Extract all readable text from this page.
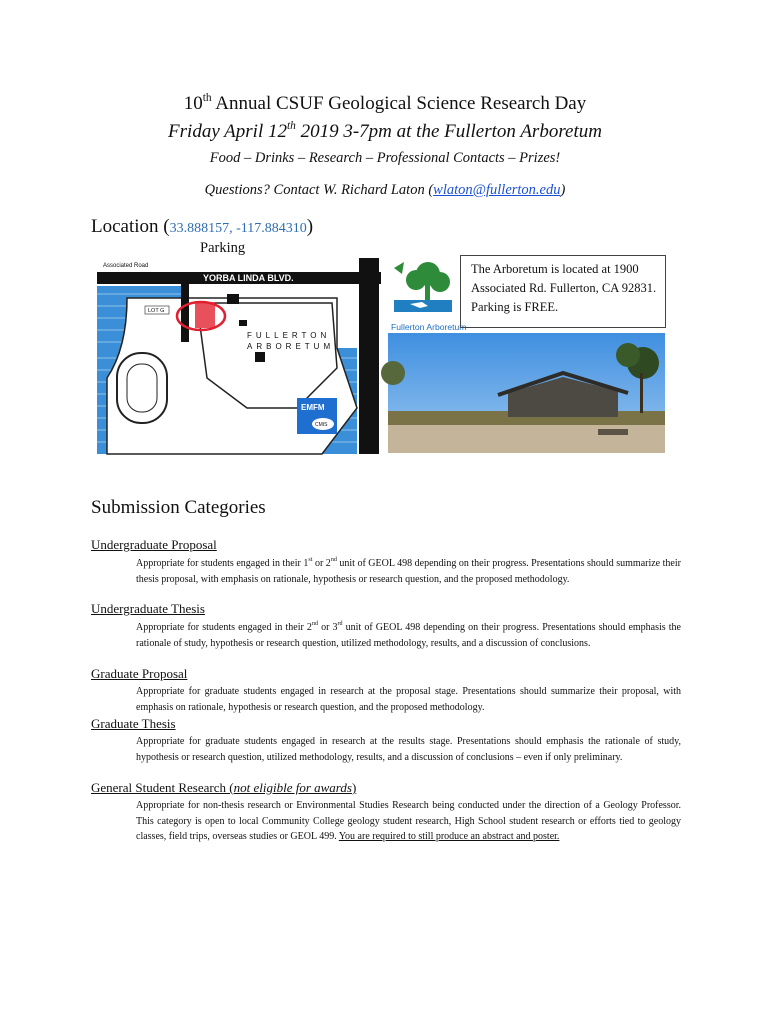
10th Annual CSUF Geological Science Research Day
Friday April 12th 2019 3-7pm at the Fullerton Arboretum
Food – Drinks – Research – Professional Contacts – Prizes!
Questions? Contact W. Richard Laton (wlaton@fullerton.edu)
Location (33.888157, -117.884310)
Parking
YORBA LINDA BLVD.
Associated Road
CAMPUS
LOT G
FULLERTON
ARBORETUM
EMFM
CMIS
Fullerton Arboretum

The Arboretum is located at 1900

Associated Rd. Fullerton, CA 92831.

Parking is FREE.

Submission Categories
Undergraduate Proposal

Appropriate for students engaged in their 1st or 2nd unit of GEOL 498 depending on their progress. Presentations should summarize their thesis proposal, with emphasis on rationale, hypothesis or research question, and the proposed methodology.

Undergraduate Thesis

Appropriate for students engaged in their 2nd or 3rd unit of GEOL 498 depending on their progress. Presentations should emphasis the rationale of study, hypothesis or research question, utilized methodology, results, and a discussion of conclusions.

Graduate Proposal

Appropriate for graduate students engaged in research at the proposal stage. Presentations should summarize their proposal, with emphasis on rationale, hypothesis or research question, and the proposed methodology.

Graduate Thesis

Appropriate for graduate students engaged in research at the results stage. Presentations should emphasis the rationale of study, hypothesis or research question, utilized methodology, results, and a discussion of conclusions – even if only preliminary.

General Student Research (not eligible for awards)

Appropriate for non-thesis research or Environmental Studies Research being conducted under the direction of a Geology Professor. This category is open to local Community College geology student research, High School student research or efforts tied to geology classes, field trips, overseas studies or GEOL 499. You are required to still produce an abstract and poster.
